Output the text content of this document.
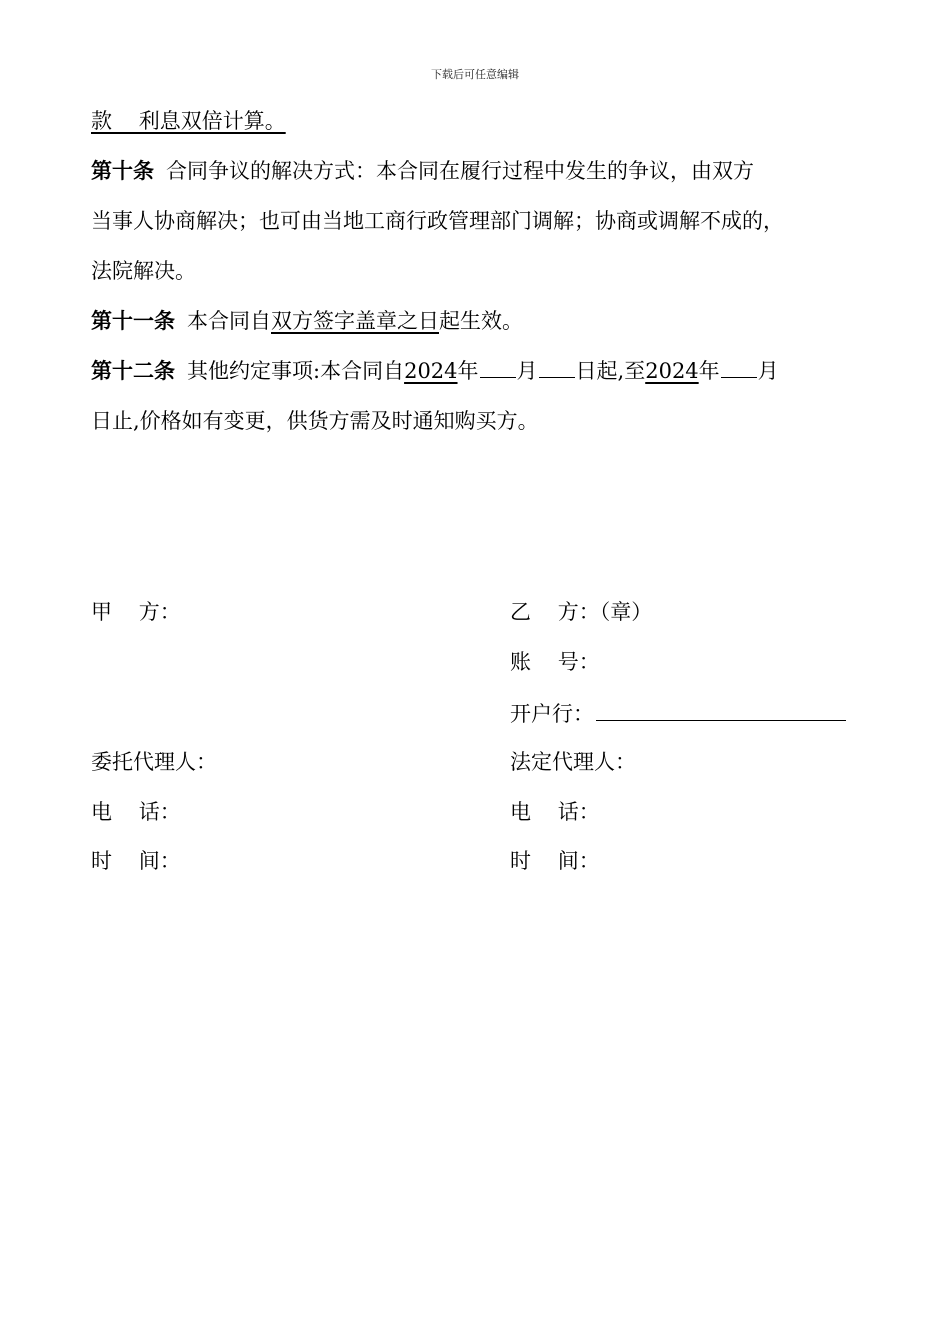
下载后可任意编辑
款    利息双倍计算。
第十条 合同争议的解决方式：本合同在履行过程中发生的争议，由双方
当事人协商解决；也可由当地工商行政管理部门调解；协商或调解不成的，
法院解决。
第十一条 本合同自双方签字盖章之日起生效。
第十二条 其他约定事项:本合同自2024年 月 日起,至2024年 月
日止,价格如有变更，供货方需及时通知购买方。
甲    方：
委托代理人：
电    话：
时    间：
乙    方：（章）
账    号：
开户行：
法定代理人：
电    话：
时    间：
